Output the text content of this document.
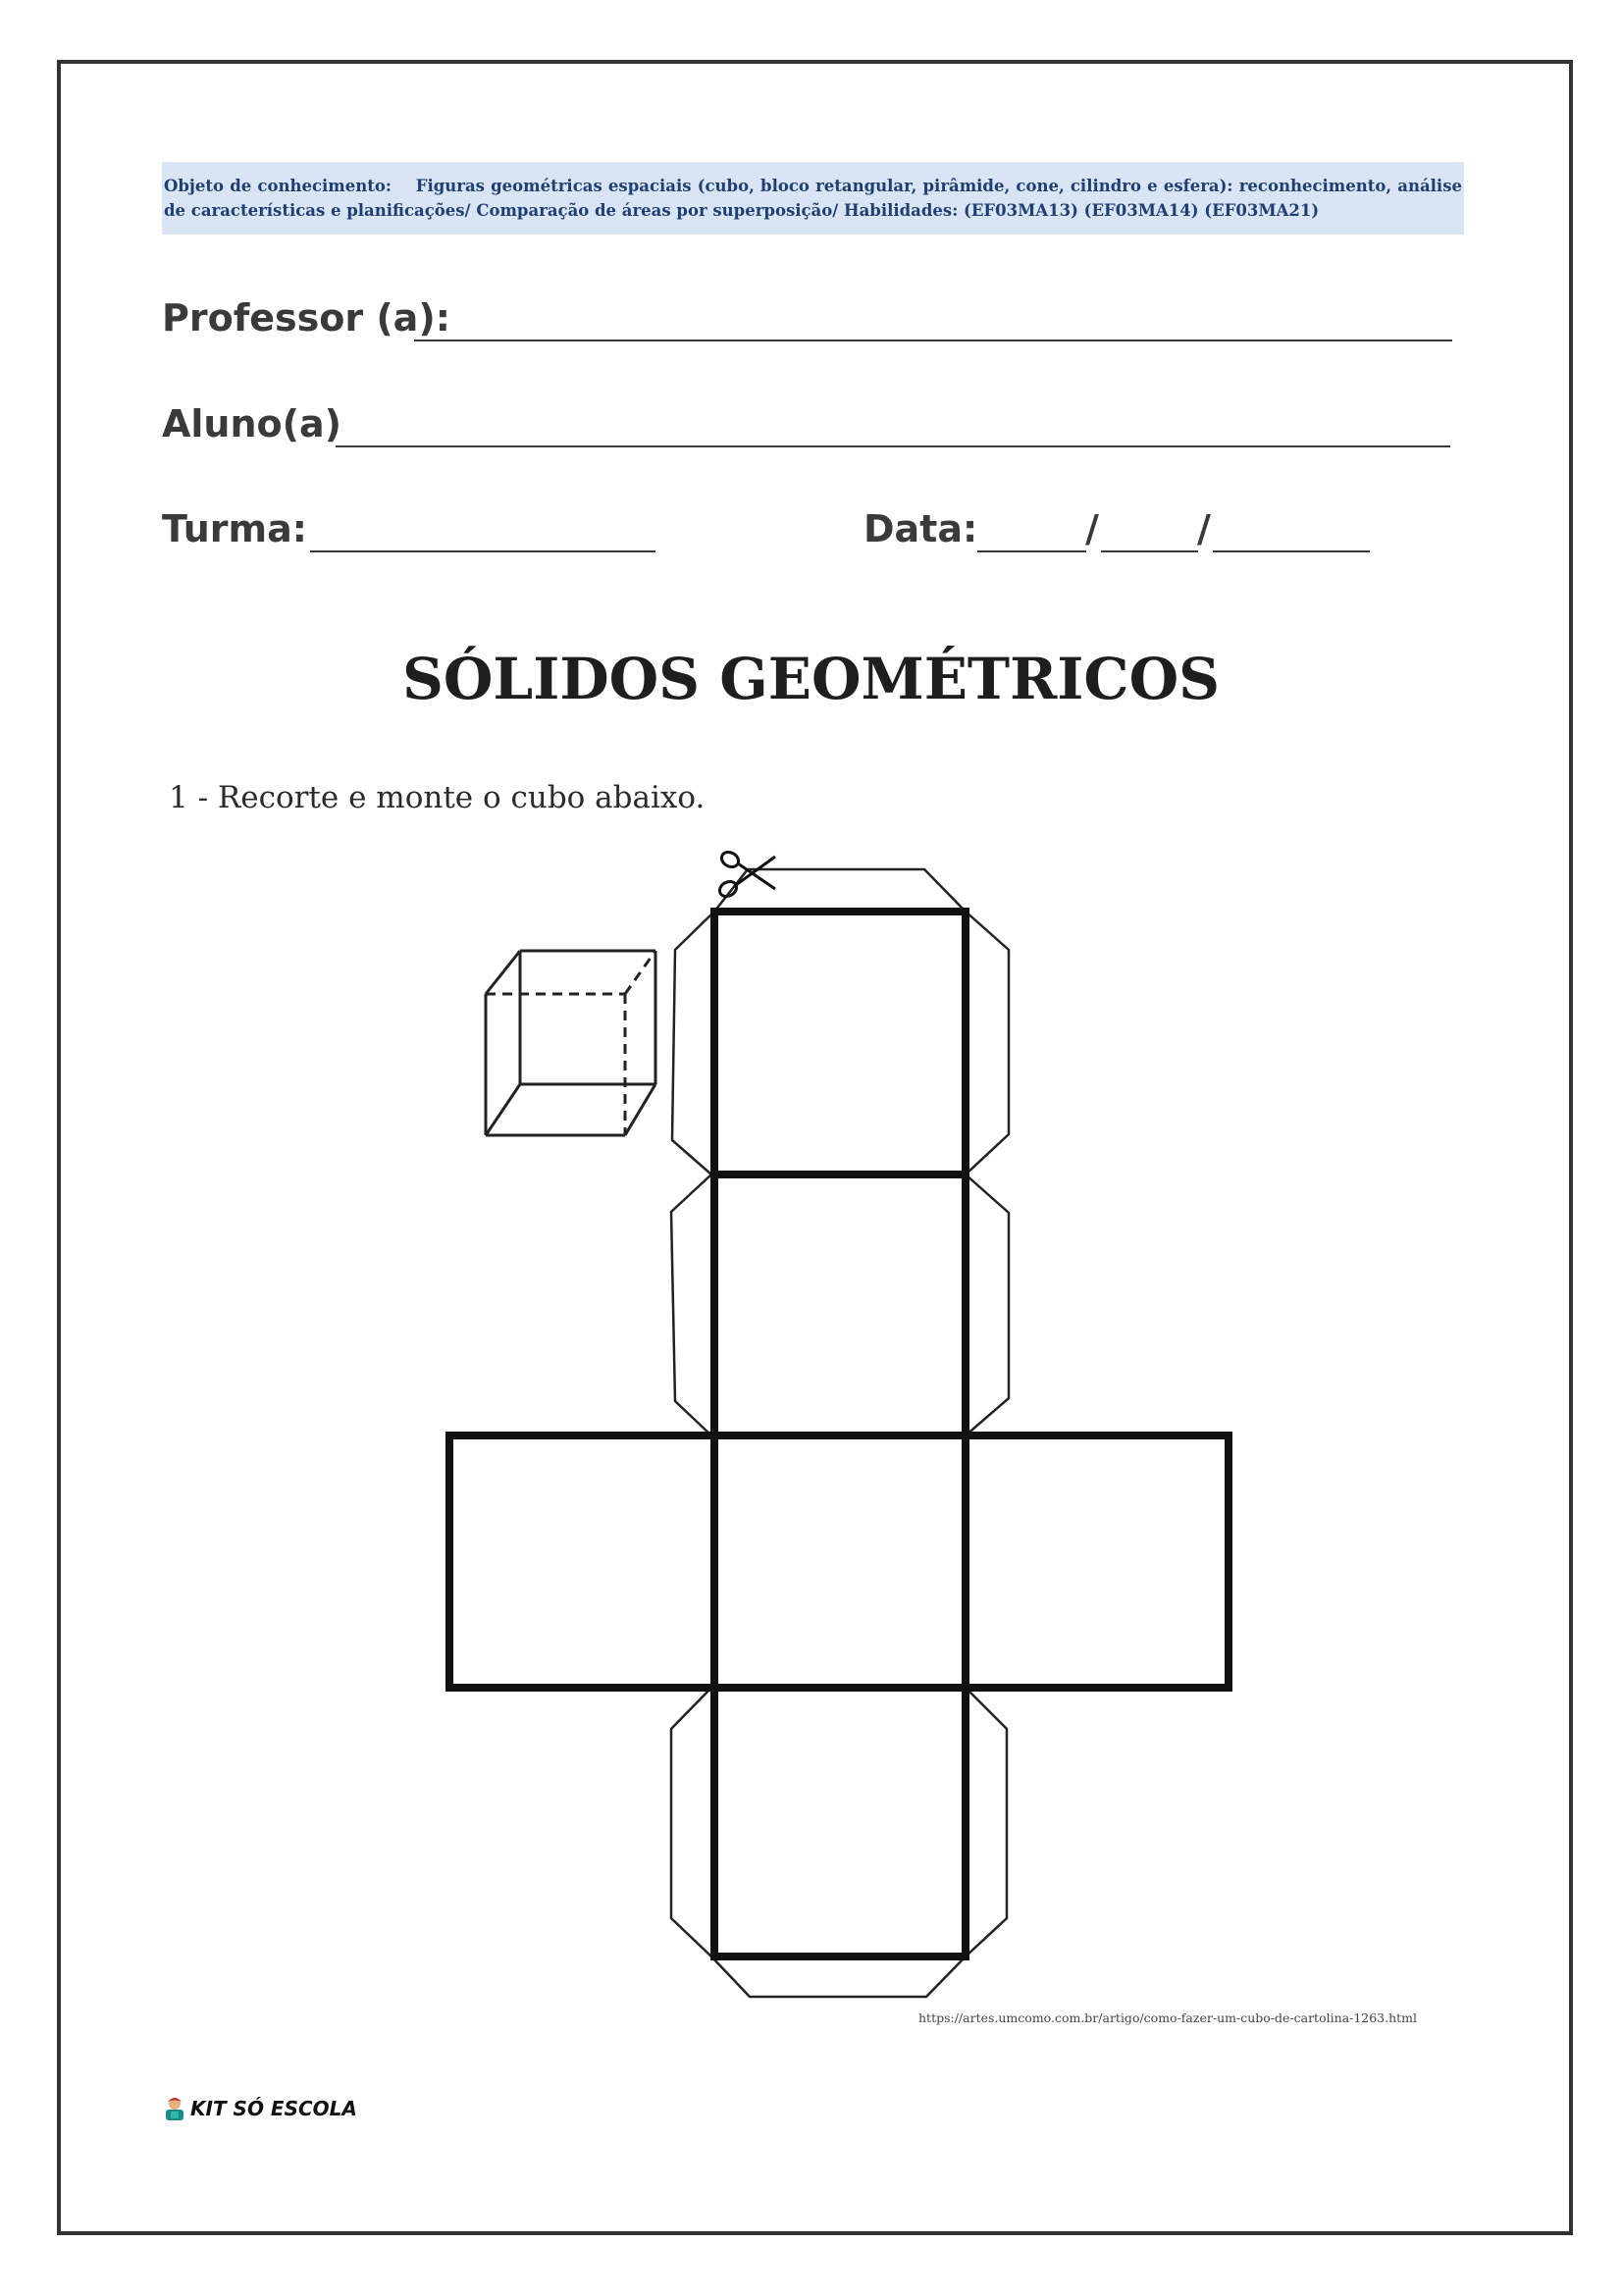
Objeto de conhecimento:    Figuras geométricas espaciais (cubo, bloco retangular, pirâmide, cone, cilindro e esfera): reconhecimento, análise de características e planificações/ Comparação de áreas por superposição/ Habilidades: (EF03MA13) (EF03MA14) (EF03MA21)
Professor (a):
Aluno(a)
Turma:	Data:	/	/
SÓLIDOS GEOMÉTRICOS
1 - Recorte e monte o cubo abaixo.
https://artes.umcomo.com.br/artigo/como-fazer-um-cubo-de-cartolina-1263.html
KIT SÓ ESCOLA
